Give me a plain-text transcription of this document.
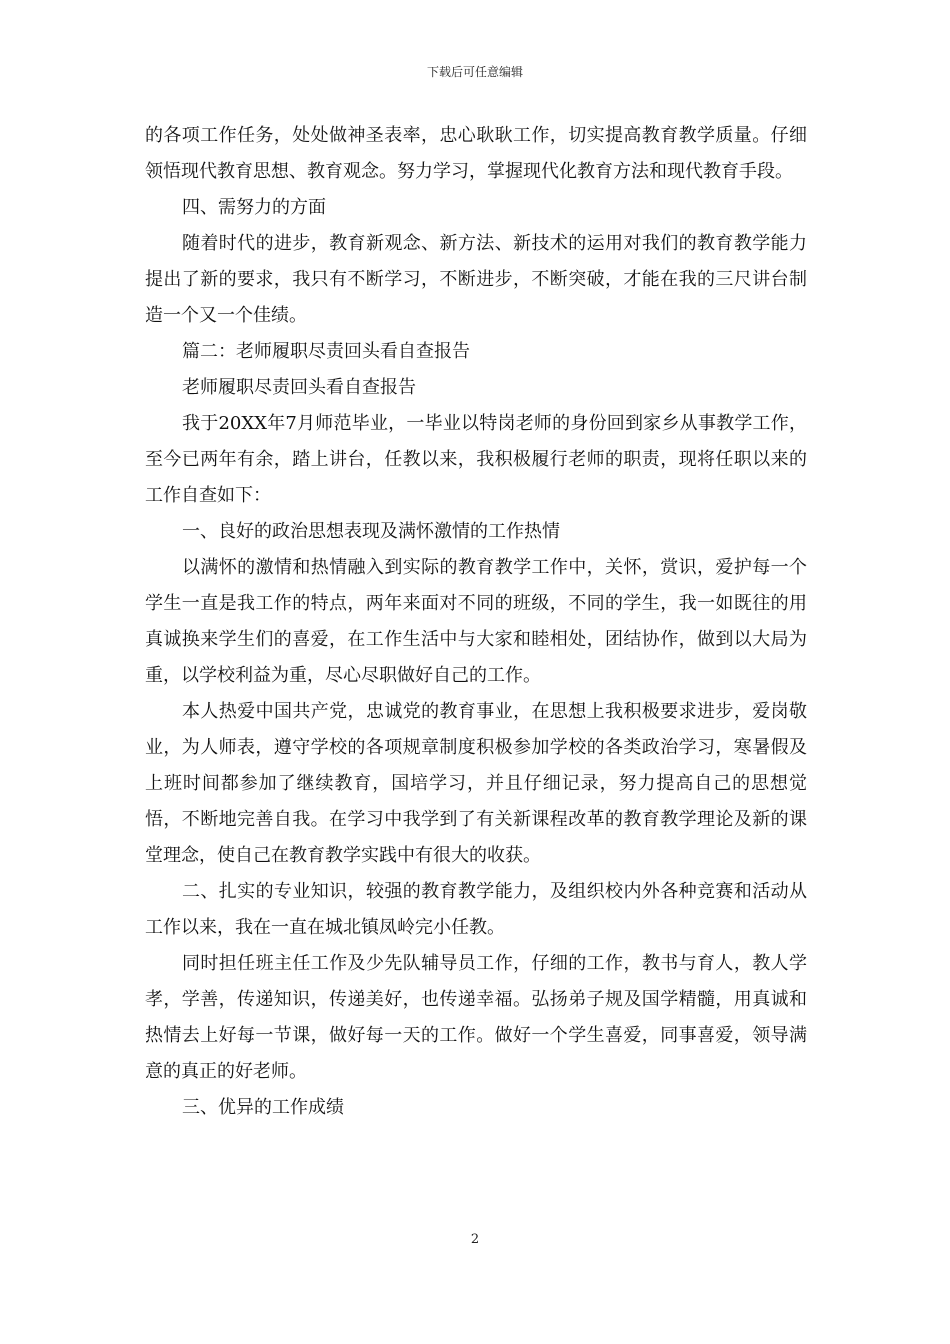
下载后可任意编辑

的各项工作任务，处处做神圣表率，忠心耿耿工作，切实提高教育教学质量。仔细领悟现代教育思想、教育观念。努力学习，掌握现代化教育方法和现代教育手段。

四、需努力的方面

随着时代的进步，教育新观念、新方法、新技术的运用对我们的教育教学能力提出了新的要求，我只有不断学习，不断进步，不断突破，才能在我的三尺讲台制造一个又一个佳绩。

篇二：老师履职尽责回头看自查报告

老师履职尽责回头看自查报告

我于20XX年7月师范毕业，一毕业以特岗老师的身份回到家乡从事教学工作，至今已两年有余，踏上讲台，任教以来，我积极履行老师的职责，现将任职以来的工作自查如下：

一、良好的政治思想表现及满怀激情的工作热情

以满怀的激情和热情融入到实际的教育教学工作中，关怀，赏识，爱护每一个学生一直是我工作的特点，两年来面对不同的班级，不同的学生，我一如既往的用真诚换来学生们的喜爱，在工作生活中与大家和睦相处，团结协作，做到以大局为重，以学校利益为重，尽心尽职做好自己的工作。

本人热爱中国共产党，忠诚党的教育事业，在思想上我积极要求进步，爱岗敬业，为人师表，遵守学校的各项规章制度积极参加学校的各类政治学习，寒暑假及上班时间都参加了继续教育，国培学习，并且仔细记录，努力提高自己的思想觉悟，不断地完善自我。在学习中我学到了有关新课程改革的教育教学理论及新的课堂理念，使自己在教育教学实践中有很大的收获。

二、扎实的专业知识，较强的教育教学能力，及组织校内外各种竞赛和活动从工作以来，我在一直在城北镇凤岭完小任教。

同时担任班主任工作及少先队辅导员工作，仔细的工作，教书与育人，教人学孝，学善，传递知识，传递美好，也传递幸福。弘扬弟子规及国学精髓，用真诚和热情去上好每一节课，做好每一天的工作。做好一个学生喜爱，同事喜爱，领导满意的真正的好老师。

三、优异的工作成绩

2
